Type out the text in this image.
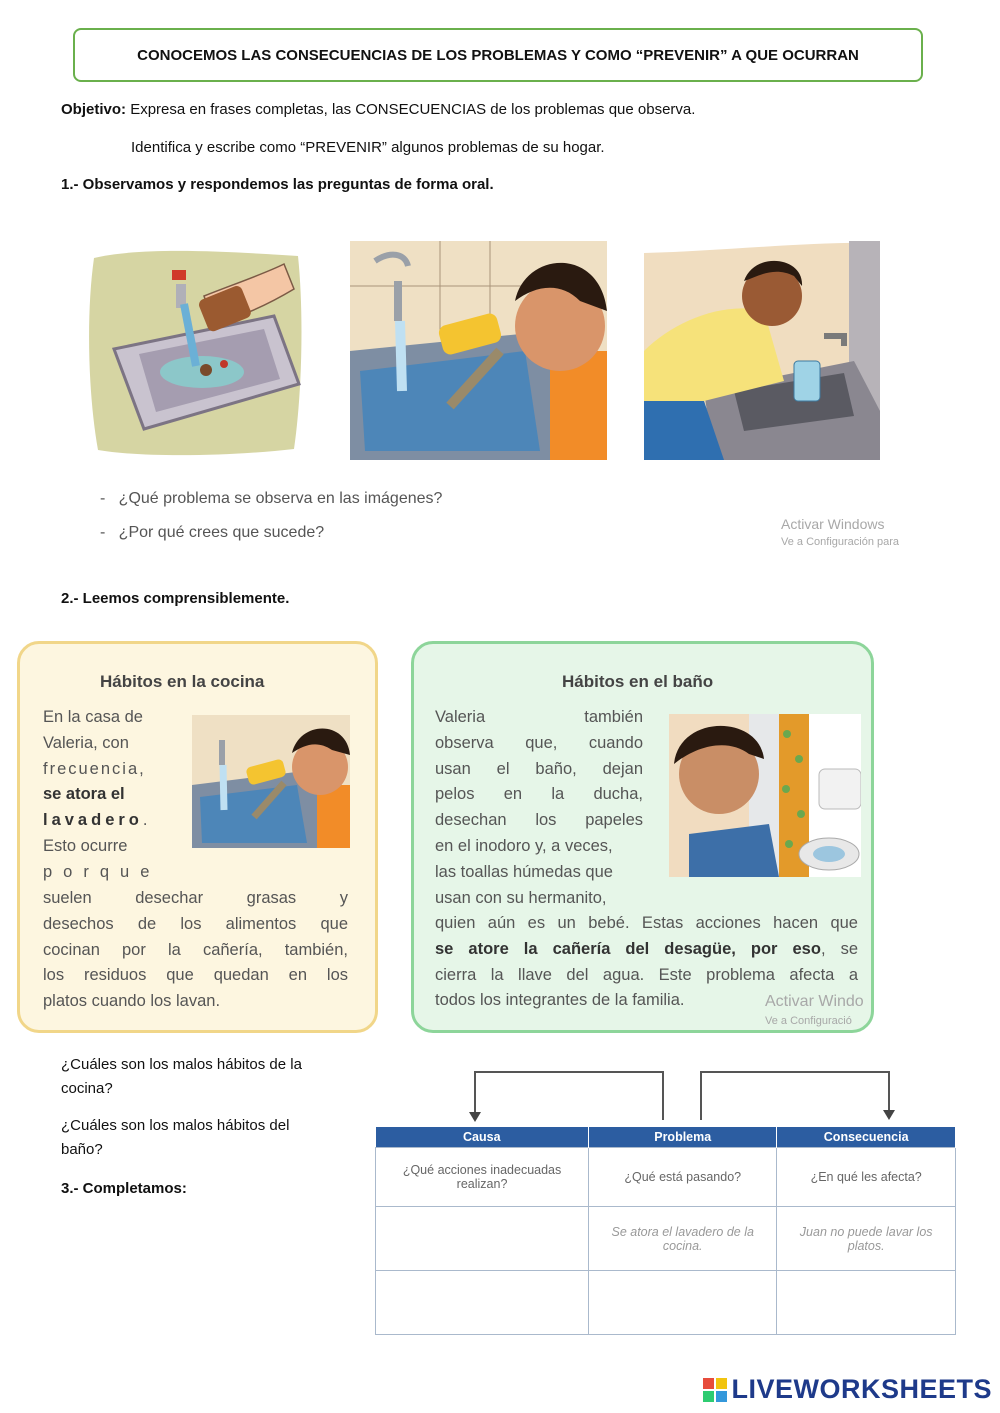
CONOCEMOS LAS CONSECUENCIAS DE LOS PROBLEMAS Y COMO “PREVENIR” A QUE OCURRAN
Objetivo: Expresa en frases completas, las CONSECUENCIAS de los problemas que observa.
Identifica y escribe como “PREVENIR” algunos problemas de su hogar.
1.- Observamos y respondemos las preguntas de forma oral.
-   ¿Qué problema se observa en las imágenes?
-   ¿Por qué crees que sucede?	Activar Windows
Ve a Configuración para
2.- Leemos comprensiblemente.
Hábitos en la cocina
En la casa de
Valeria, con
frecuencia,
se atora el
lavadero.
Esto ocurre
porque
suelen desechar grasas y
desechos de los alimentos que
cocinan por la cañería, también,
los residuos que quedan en los
platos cuando los lavan.
Hábitos en el baño
Valeria también
observa que, cuando
usan el baño, dejan
pelos en la ducha,
desechan los papeles
en el inodoro y, a veces,
las toallas húmedas que
usan con su hermanito,
quien aún es un bebé. Estas acciones hacen que
se atore la cañería del desagüe, por eso, se
cierra la llave del agua. Este problema afecta a
todos los integrantes de la familia.	Activar Windo
Ve a Configuració
¿Cuáles son los malos hábitos de la cocina?
¿Cuáles son los malos hábitos del baño?
3.- Completamos:
Causa	Problema	Consecuencia
¿Qué acciones inadecuadas realizan?	¿Qué está pasando?	¿En qué les afecta?
	Se atora el lavadero de la cocina.	Juan no puede lavar los platos.

LIVEWORKSHEETS
